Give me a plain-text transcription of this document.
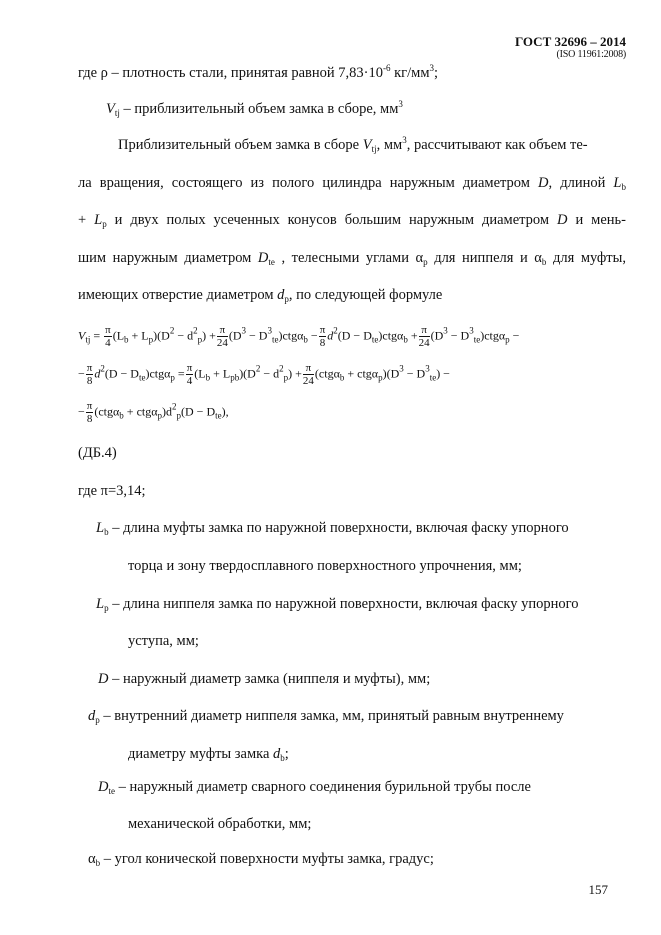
ГОСТ 32696 – 2014
(ISO 11961:2008)
где ρ – плотность стали, принятая равной $7,83\cdot 10^{-6}$ $кг/мм^3$;
$V_{tj}$ – приблизительный объем замка в сборе, $мм^3$
Приблизительный объем замка в сборе $V_{tj}$, $мм^3$, рассчитывают как объем те-
ла вращения, состоящего из полого цилиндра наружным диаметром D, длиной $L_b$
+ $L_p$ и двух полых усеченных конусов большим наружным диаметром D и мень-
шим наружным диаметром $D_{te}$ , телесными углами $\alpha_p$ для ниппеля и $\alpha_b$ для муфты,
имеющих отверстие диаметром $d_p$, по следующей формуле
$V_{tj} = \frac{\pi}{4} (L_b + L_p)(D^2 - d^2_p) + \frac{\pi}{24} (D^3 - D^3_{te})ctg\alpha_b - \frac{\pi}{8} d^2(D - D_{te})ctg\alpha_b + \frac{\pi}{24} (D^3 - D^3_{te})ctg\alpha_p$ −
− $\frac{\pi}{8} d^2(D - D_{te})ctg\alpha_p = \frac{\pi}{4} (L_b + L_{pb})(D^2 - d^2_p) + \frac{\pi}{24} (ctg\alpha_b + ctg\alpha_p)(D^3 - D^3_{te})$ −
− $\frac{\pi}{8} (ctg\alpha_b + ctg\alpha_p)d^2_p(D - D_{te})$,
(ДБ.4)
где π=3,14;
$L_b$ – длина муфты замка по наружной поверхности, включая фаску упорного
торца и зону твердосплавного поверхностного упрочнения, мм;
$L_p$ – длина ниппеля замка по наружной поверхности, включая фаску упорного
уступа, мм;
D – наружный диаметр замка (ниппеля и муфты), мм;
$d_p$ – внутренний диаметр ниппеля замка, мм, принятый равным внутреннему
диаметру муфты замка $d_b$;
$D_{te}$ – наружный диаметр сварного соединения бурильной трубы после
механической обработки, мм;
$\alpha_b$ – угол конической поверхности муфты замка, градус;
157
